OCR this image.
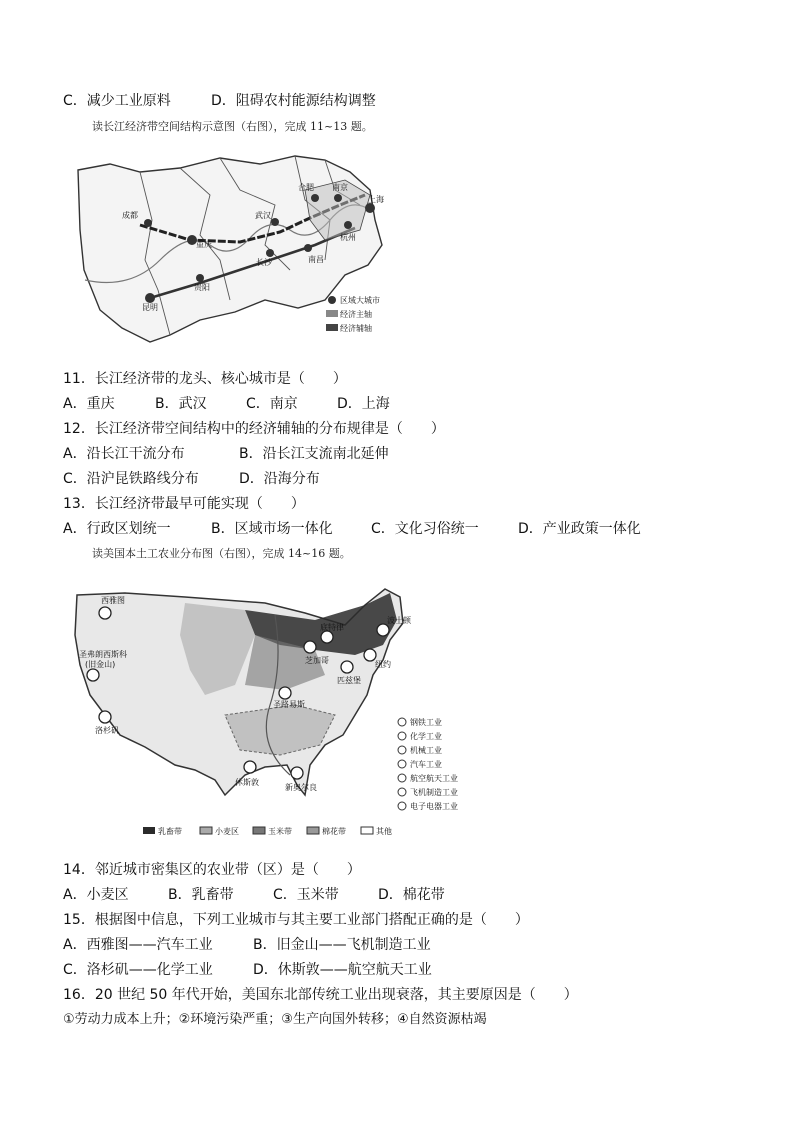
C．减少工业原料	D．阻碍农村能源结构调整
读长江经济带空间结构示意图（右图），完成 11~13 题。
成都
重庆
贵阳
昆明
武汉
长沙	南昌
合肥 南京
杭州
上海
区域大城市
经济主轴
经济辅轴
11．长江经济带的龙头、核心城市是（　　）
A．重庆	B．武汉	C．南京	D．上海
12．长江经济带空间结构中的经济辅轴的分布规律是（　　）
A．沿长江干流分布	B．沿长江支流南北延伸
C．沿沪昆铁路线分布	D．沿海分布
13．长江经济带最早可能实现（　　）
A．行政区划统一	B．区域市场一体化	C．文化习俗统一	D．产业政策一体化
读美国本土工农业分布图（右图），完成 14~16 题。
西雅图
圣弗朗西斯科
(旧金山)
洛杉矶
休斯敦
新奥尔良
圣路易斯
匹兹堡
芝加哥
底特律
波士顿
纽约
钢铁工业
化学工业
机械工业
汽车工业
航空航天工业
飞机制造工业
电子电器工业
乳畜带	小麦区	玉米带	棉花带	其他
14．邻近城市密集区的农业带（区）是（　　）
A．小麦区	B．乳畜带	C．玉米带	D．棉花带
15．根据图中信息，下列工业城市与其主要工业部门搭配正确的是（　　）
A．西雅图——汽车工业	B．旧金山——飞机制造工业
C．洛杉矶——化学工业	D．休斯敦——航空航天工业
16．20 世纪 50 年代开始，美国东北部传统工业出现衰落，其主要原因是（　　）
①劳动力成本上升；②环境污染严重；③生产向国外转移；④自然资源枯竭
